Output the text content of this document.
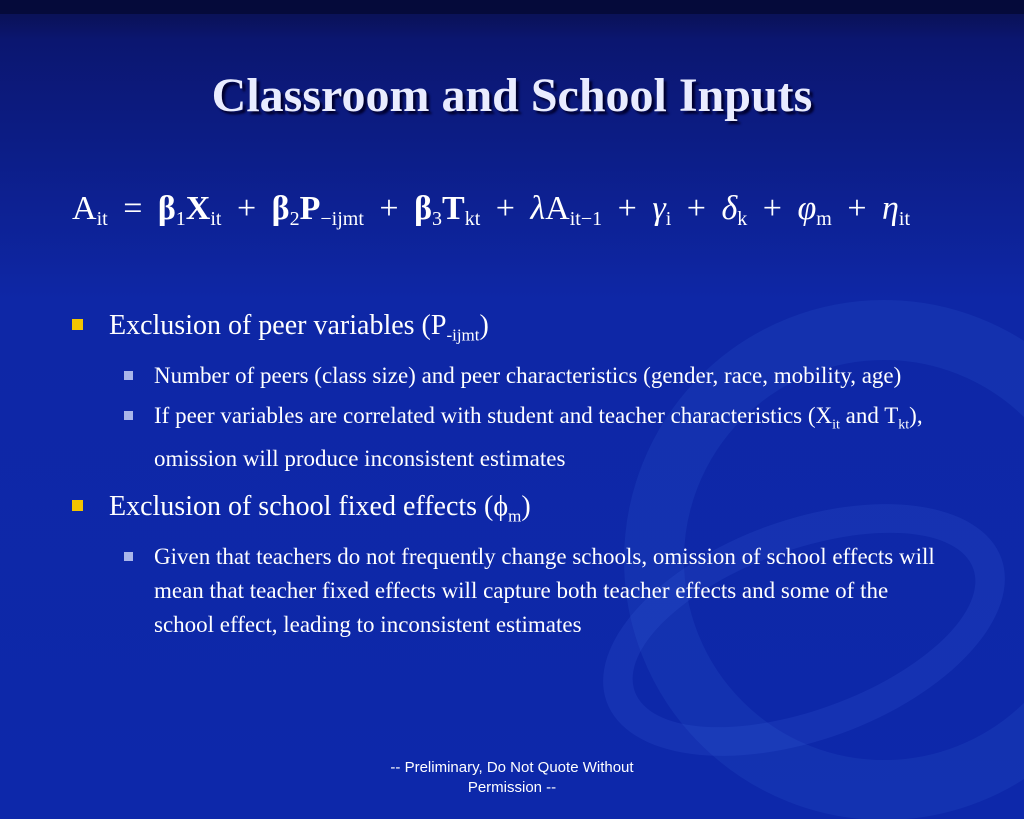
Classroom and School Inputs
$A_{it} = \beta_1X_{it} + \beta_2P_{-ijmt} + \beta_3T_{kt} + \lambda A_{it-1} + \gamma_i + \delta_k + \varphi_m + \eta_{it}$
Exclusion of peer variables $(P_{-ijmt})$
Number of peers (class size) and peer characteristics (gender, race, mobility, age)
If peer variables are correlated with student and teacher characteristics ($X_{it}$ and $T_{kt}$), omission will produce inconsistent estimates
Exclusion of school fixed effects $(\phi_m)$
Given that teachers do not frequently change schools, omission of school effects will mean that teacher fixed effects will capture both teacher effects and some of the school effect, leading to inconsistent estimates
-- Preliminary, Do Not Quote Without
Permission --
